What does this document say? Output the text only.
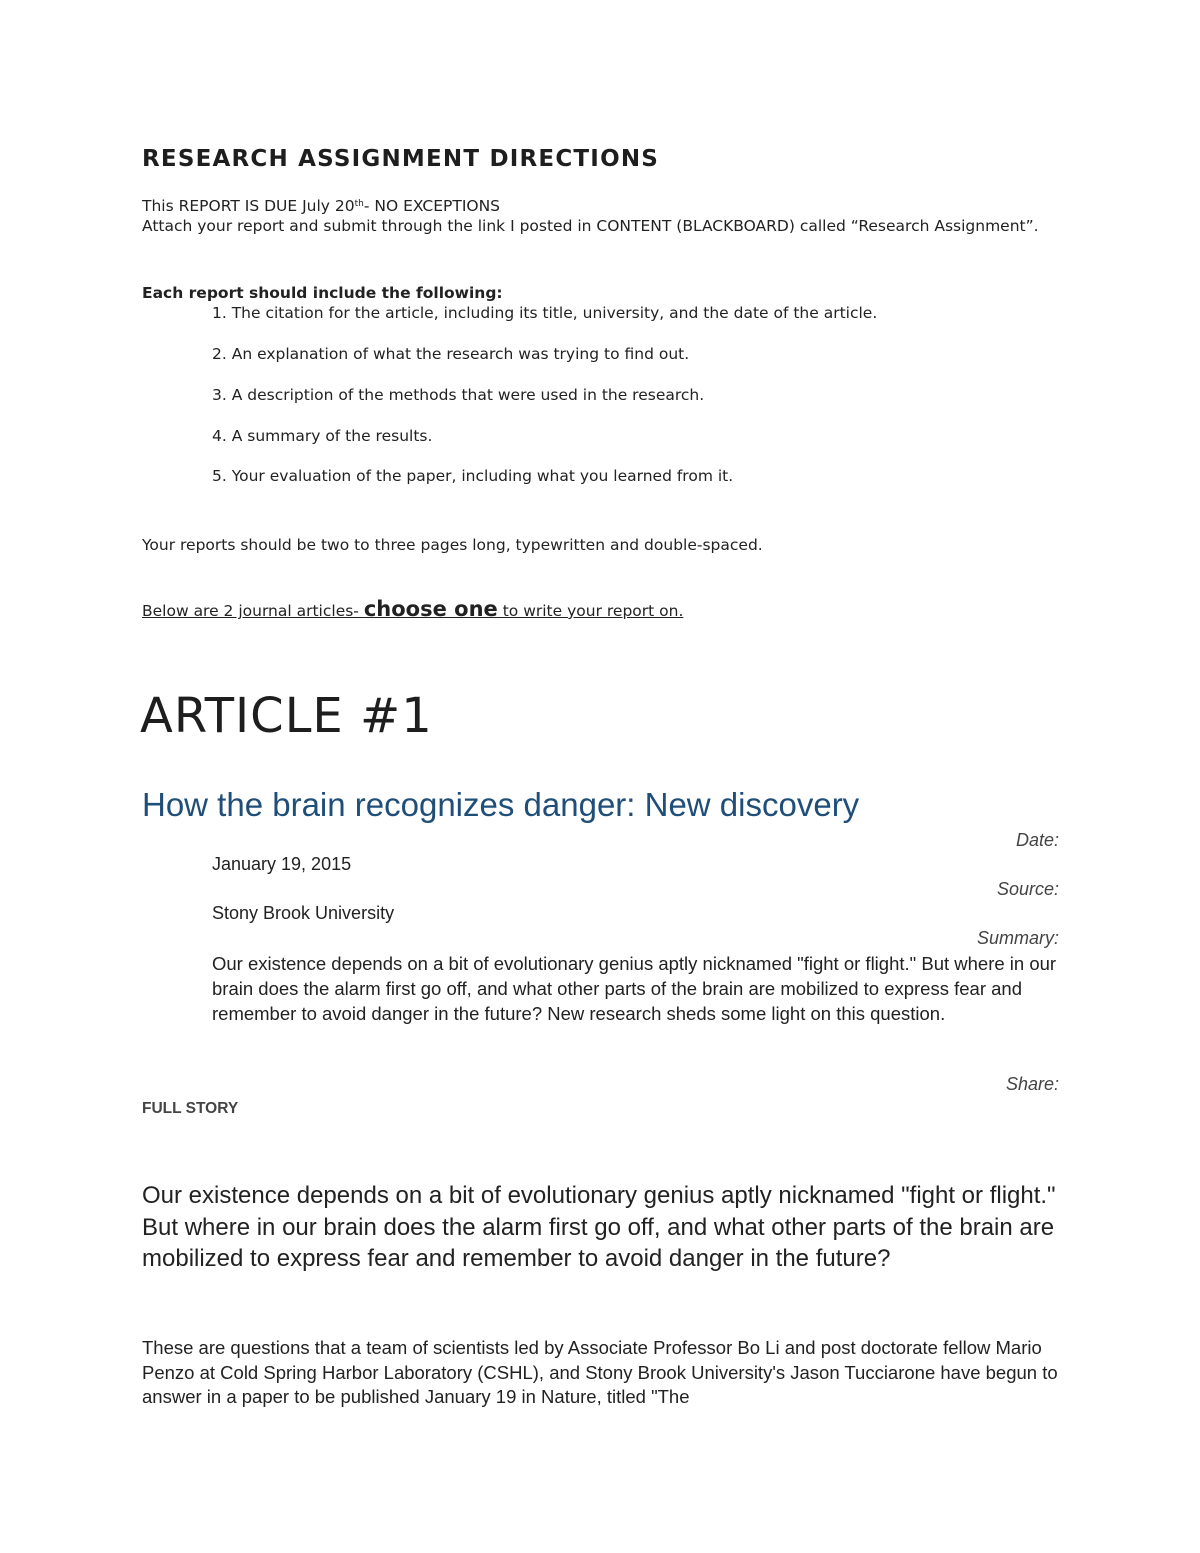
RESEARCH ASSIGNMENT DIRECTIONS
This REPORT IS DUE July 20th- NO EXCEPTIONS
Attach your report and submit through the link I posted in CONTENT (BLACKBOARD) called “Research Assignment”.
Each report should include the following:
1. The citation for the article, including its title, university, and the date of the article.
2. An explanation of what the research was trying to find out.
3. A description of the methods that were used in the research.
4. A summary of the results.
5. Your evaluation of the paper, including what you learned from it.
Your reports should be two to three pages long, typewritten and double-spaced.
Below are 2 journal articles- choose one to write your report on.
ARTICLE #1
How the brain recognizes danger: New discovery
Date:
January 19, 2015
Source:
Stony Brook University
Summary:
Our existence depends on a bit of evolutionary genius aptly nicknamed "fight or flight." But where in our brain does the alarm first go off, and what other parts of the brain are mobilized to express fear and remember to avoid danger in the future? New research sheds some light on this question.
Share:
FULL STORY
Our existence depends on a bit of evolutionary genius aptly nicknamed "fight or flight." But where in our brain does the alarm first go off, and what other parts of the brain are mobilized to express fear and remember to avoid danger in the future?
These are questions that a team of scientists led by Associate Professor Bo Li and post doctorate fellow Mario Penzo at Cold Spring Harbor Laboratory (CSHL), and Stony Brook University's Jason Tucciarone have begun to answer in a paper to be published January 19 in Nature, titled "The
